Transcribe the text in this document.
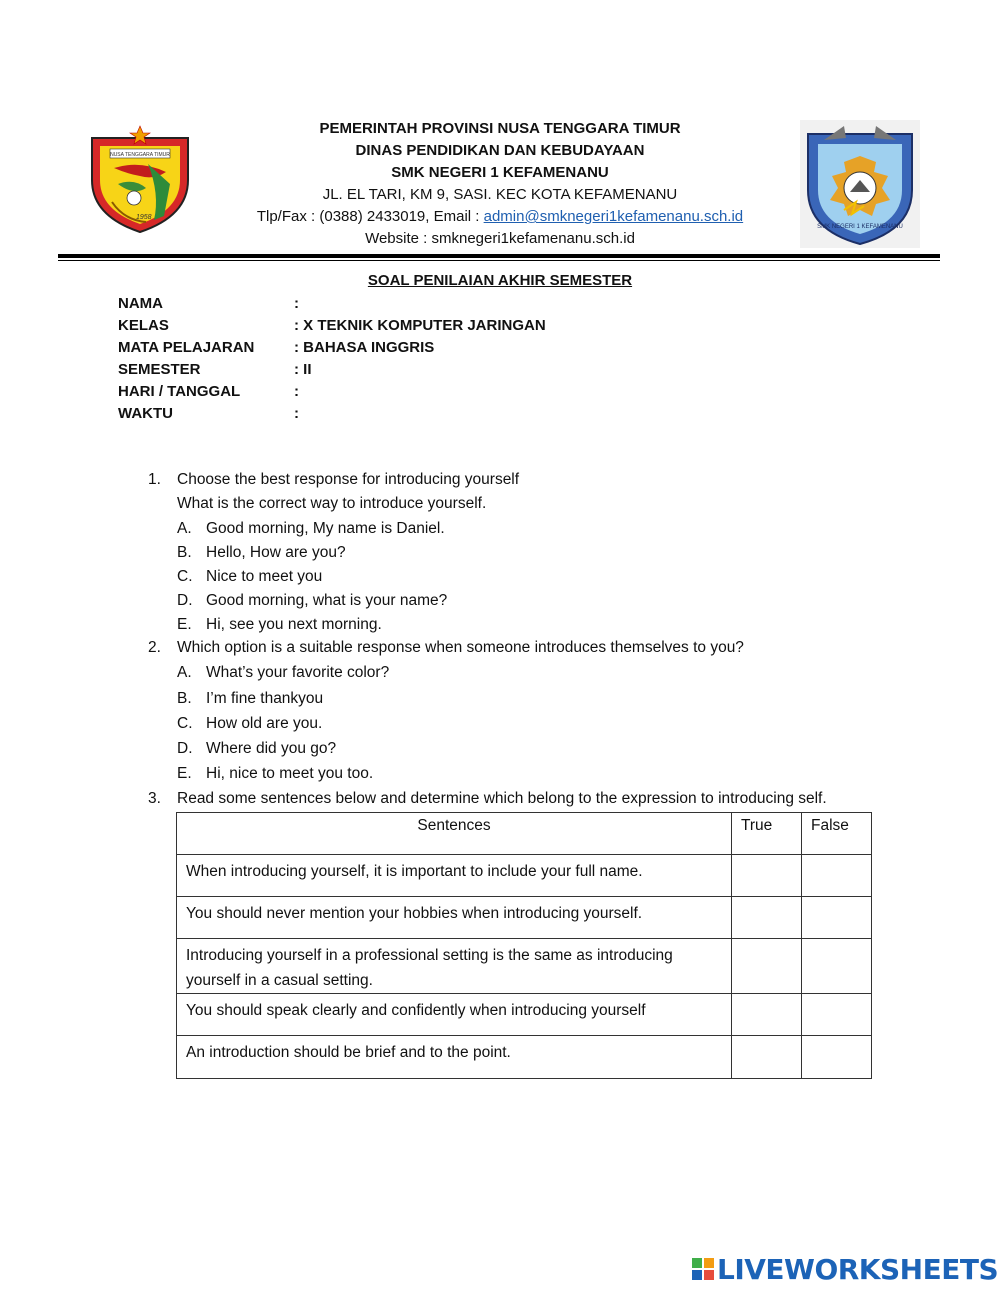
NUSA TENGGARA TIMUR
1958
SMK NEGERI 1 KEFAMENANU
PEMERINTAH PROVINSI NUSA TENGGARA TIMUR
DINAS PENDIDIKAN DAN KEBUDAYAAN
SMK NEGERI 1 KEFAMENANU
JL. EL TARI, KM 9, SASI. KEC KOTA KEFAMENANU
Tlp/Fax : (0388) 2433019, Email : admin@smknegeri1kefamenanu.sch.id
Website : smknegeri1kefamenanu.sch.id
SOAL PENILAIAN AKHIR SEMESTER
NAMA	:
KELAS	: X TEKNIK KOMPUTER JARINGAN
MATA PELAJARAN	: BAHASA INGGRIS
SEMESTER	: II
HARI / TANGGAL	:
WAKTU	:
1. Choose the best response for introducing yourself
What is the correct way to introduce yourself.
A. Good morning, My name is Daniel.
B. Hello, How are you?
C. Nice to meet you
D. Good morning, what is your name?
E. Hi, see you next morning.
2. Which option is a suitable response when someone introduces themselves to you?
A. What’s your favorite color?
B. I’m fine thankyou
C. How old are you.
D. Where did you go?
E. Hi, nice to meet you too.
3. Read some sentences below and determine which belong to the expression to introducing self.
Sentences	True	False
When introducing yourself, it is important to include your full name.		
You should never mention your hobbies when introducing yourself.		
Introducing yourself in a professional setting is the same as introducing yourself in a casual setting.		
You should speak clearly and confidently when introducing yourself		
An introduction should be brief and to the point.		
LIVEWORKSHEETS
